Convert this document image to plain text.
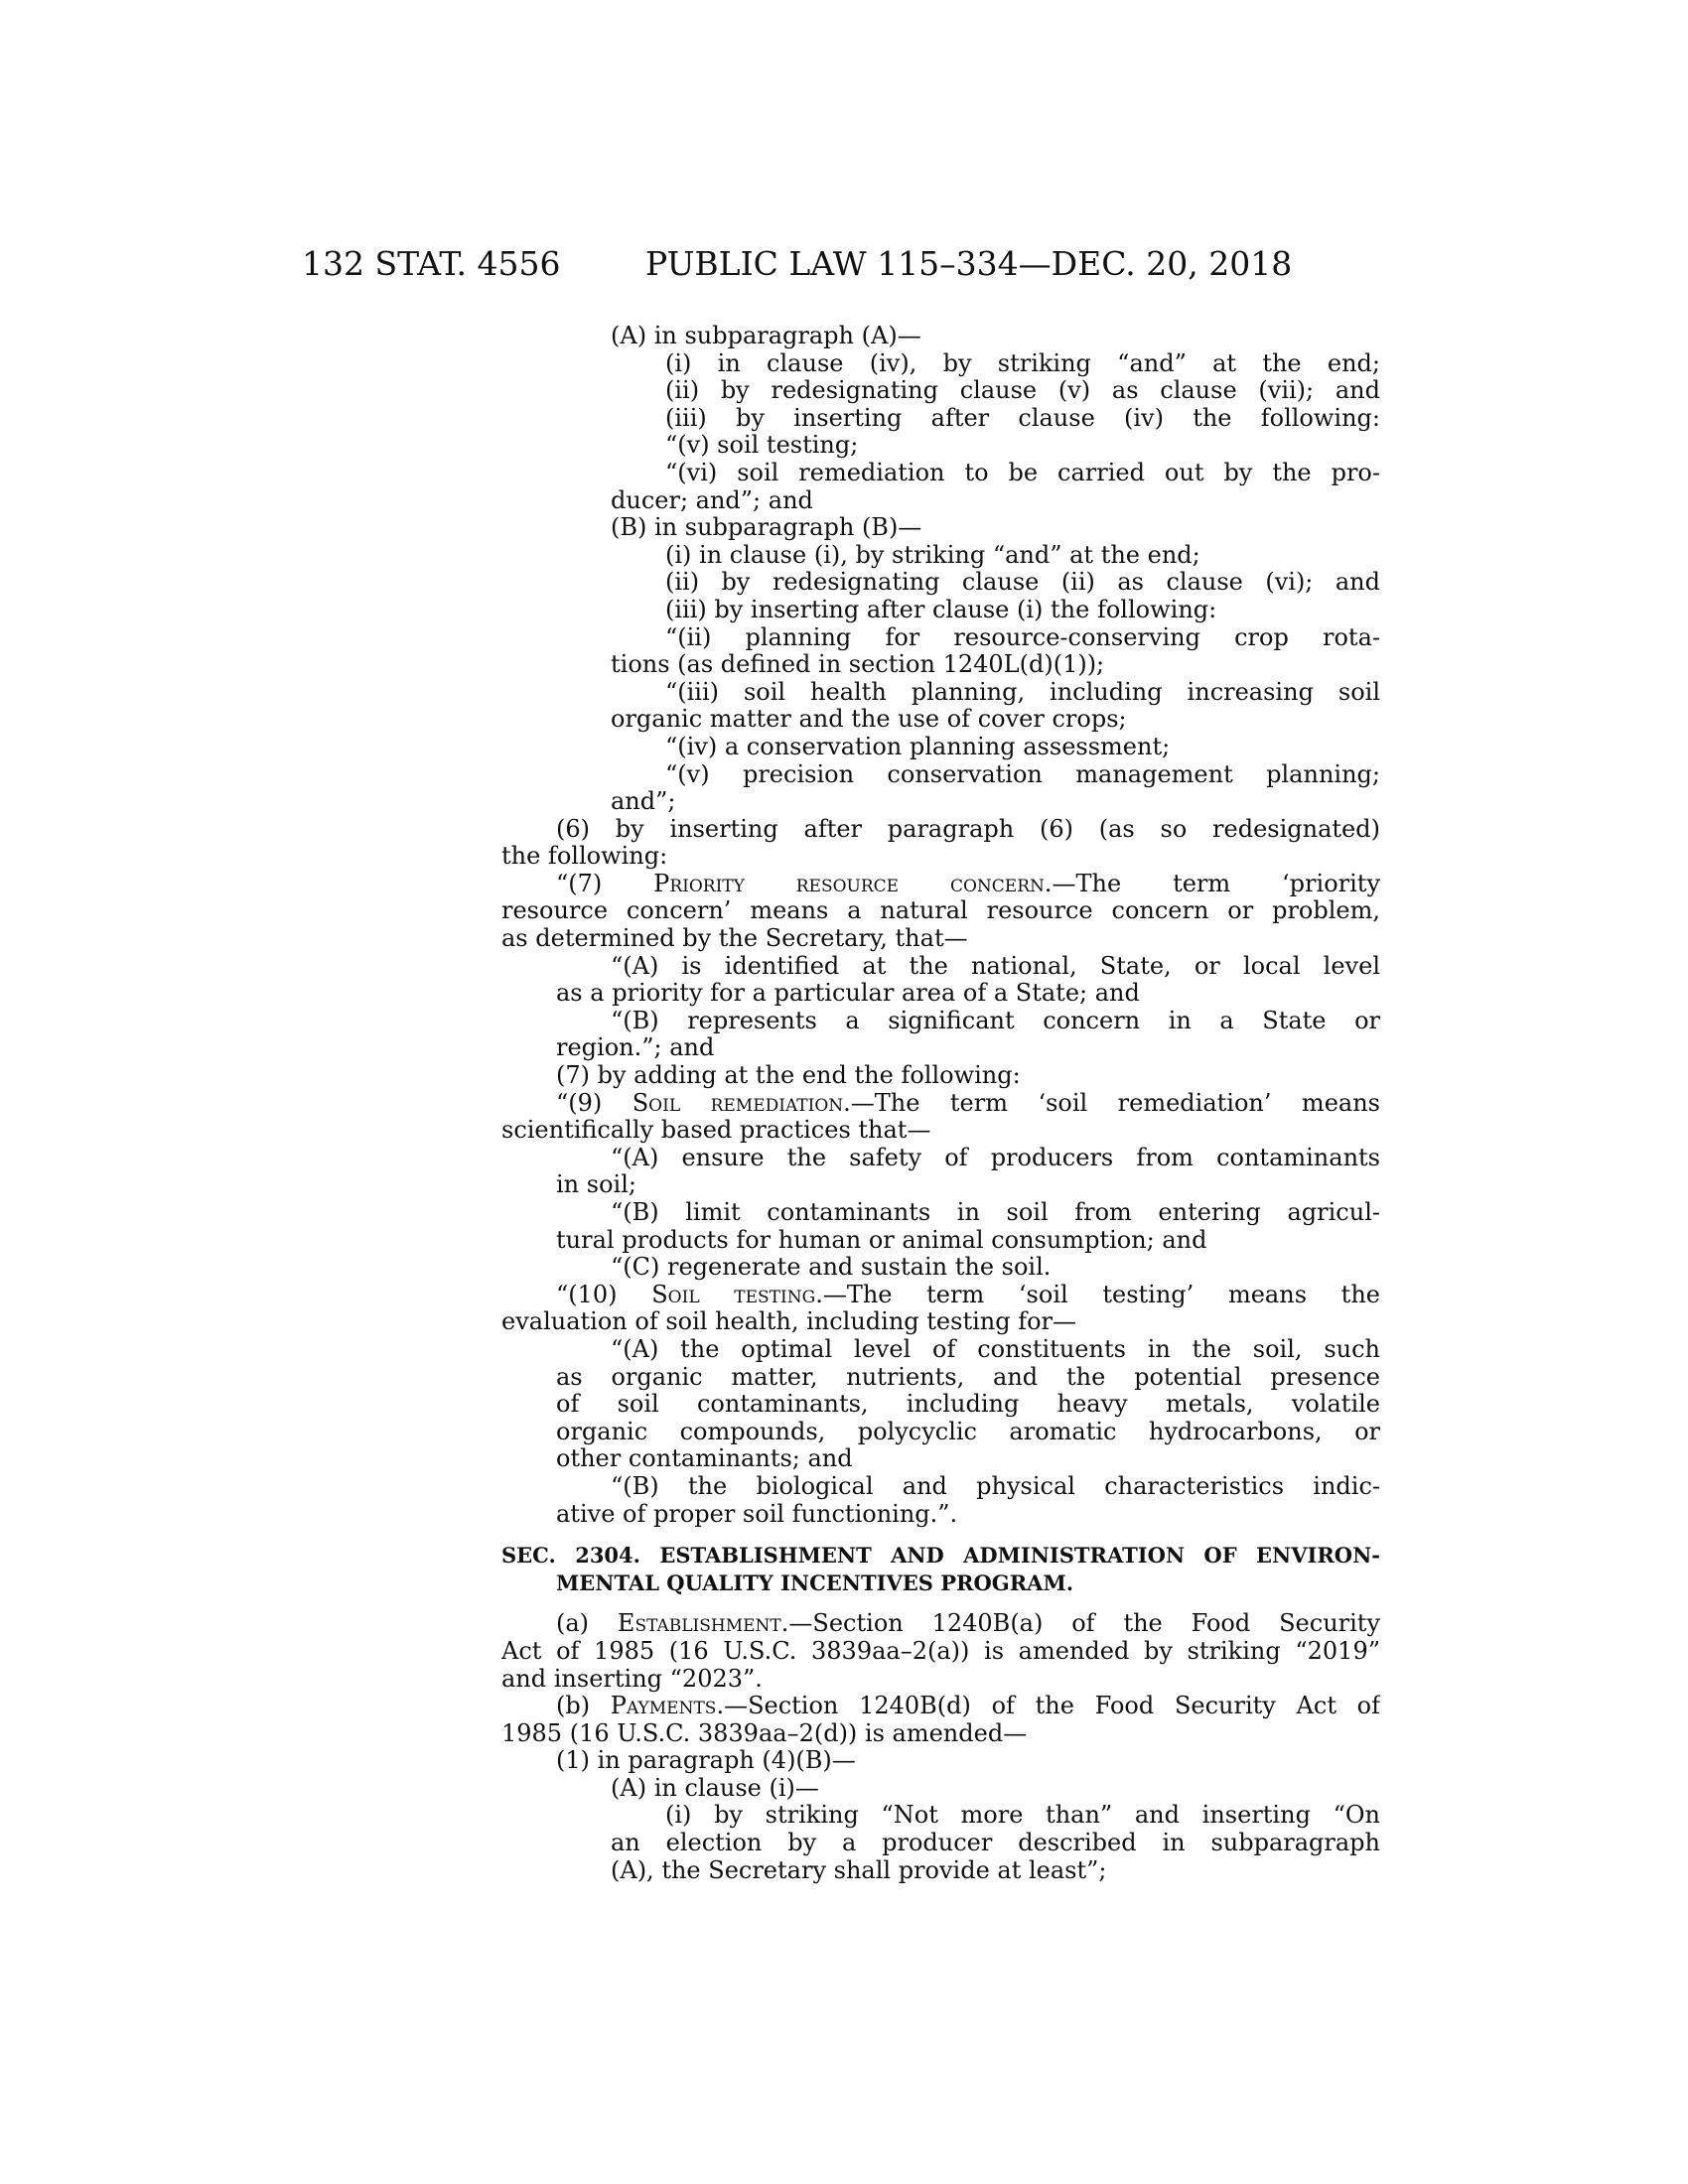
132 STAT. 4556	PUBLIC LAW 115–334—DEC. 20, 2018
(A) in subparagraph (A)—
(i) in clause (iv), by striking “and” at the end;
(ii) by redesignating clause (v) as clause (vii); and
(iii) by inserting after clause (iv) the following:
“(v) soil testing;
“(vi) soil remediation to be carried out by the pro-
ducer; and”; and
(B) in subparagraph (B)—
(i) in clause (i), by striking “and” at the end;
(ii) by redesignating clause (ii) as clause (vi); and
(iii) by inserting after clause (i) the following:
“(ii) planning for resource-conserving crop rota-
tions (as defined in section 1240L(d)(1));
“(iii) soil health planning, including increasing soil
organic matter and the use of cover crops;
“(iv) a conservation planning assessment;
“(v) precision conservation management planning;
and”;
(6) by inserting after paragraph (6) (as so redesignated)
the following:
“(7) Priority resource concern.—The term ‘priority
resource concern’ means a natural resource concern or problem,
as determined by the Secretary, that—
“(A) is identified at the national, State, or local level
as a priority for a particular area of a State; and
“(B) represents a significant concern in a State or
region.”; and
(7) by adding at the end the following:
“(9) Soil remediation.—The term ‘soil remediation’ means
scientifically based practices that—
“(A) ensure the safety of producers from contaminants
in soil;
“(B) limit contaminants in soil from entering agricul-
tural products for human or animal consumption; and
“(C) regenerate and sustain the soil.
“(10) Soil testing.—The term ‘soil testing’ means the
evaluation of soil health, including testing for—
“(A) the optimal level of constituents in the soil, such
as organic matter, nutrients, and the potential presence
of soil contaminants, including heavy metals, volatile
organic compounds, polycyclic aromatic hydrocarbons, or
other contaminants; and
“(B) the biological and physical characteristics indic-
ative of proper soil functioning.”.
SEC. 2304. ESTABLISHMENT AND ADMINISTRATION OF ENVIRON-
MENTAL QUALITY INCENTIVES PROGRAM.
(a) Establishment.—Section 1240B(a) of the Food Security
Act of 1985 (16 U.S.C. 3839aa–2(a)) is amended by striking “2019”
and inserting “2023”.
(b) Payments.—Section 1240B(d) of the Food Security Act of
1985 (16 U.S.C. 3839aa–2(d)) is amended—
(1) in paragraph (4)(B)—
(A) in clause (i)—
(i) by striking “Not more than” and inserting “On
an election by a producer described in subparagraph
(A), the Secretary shall provide at least”;
